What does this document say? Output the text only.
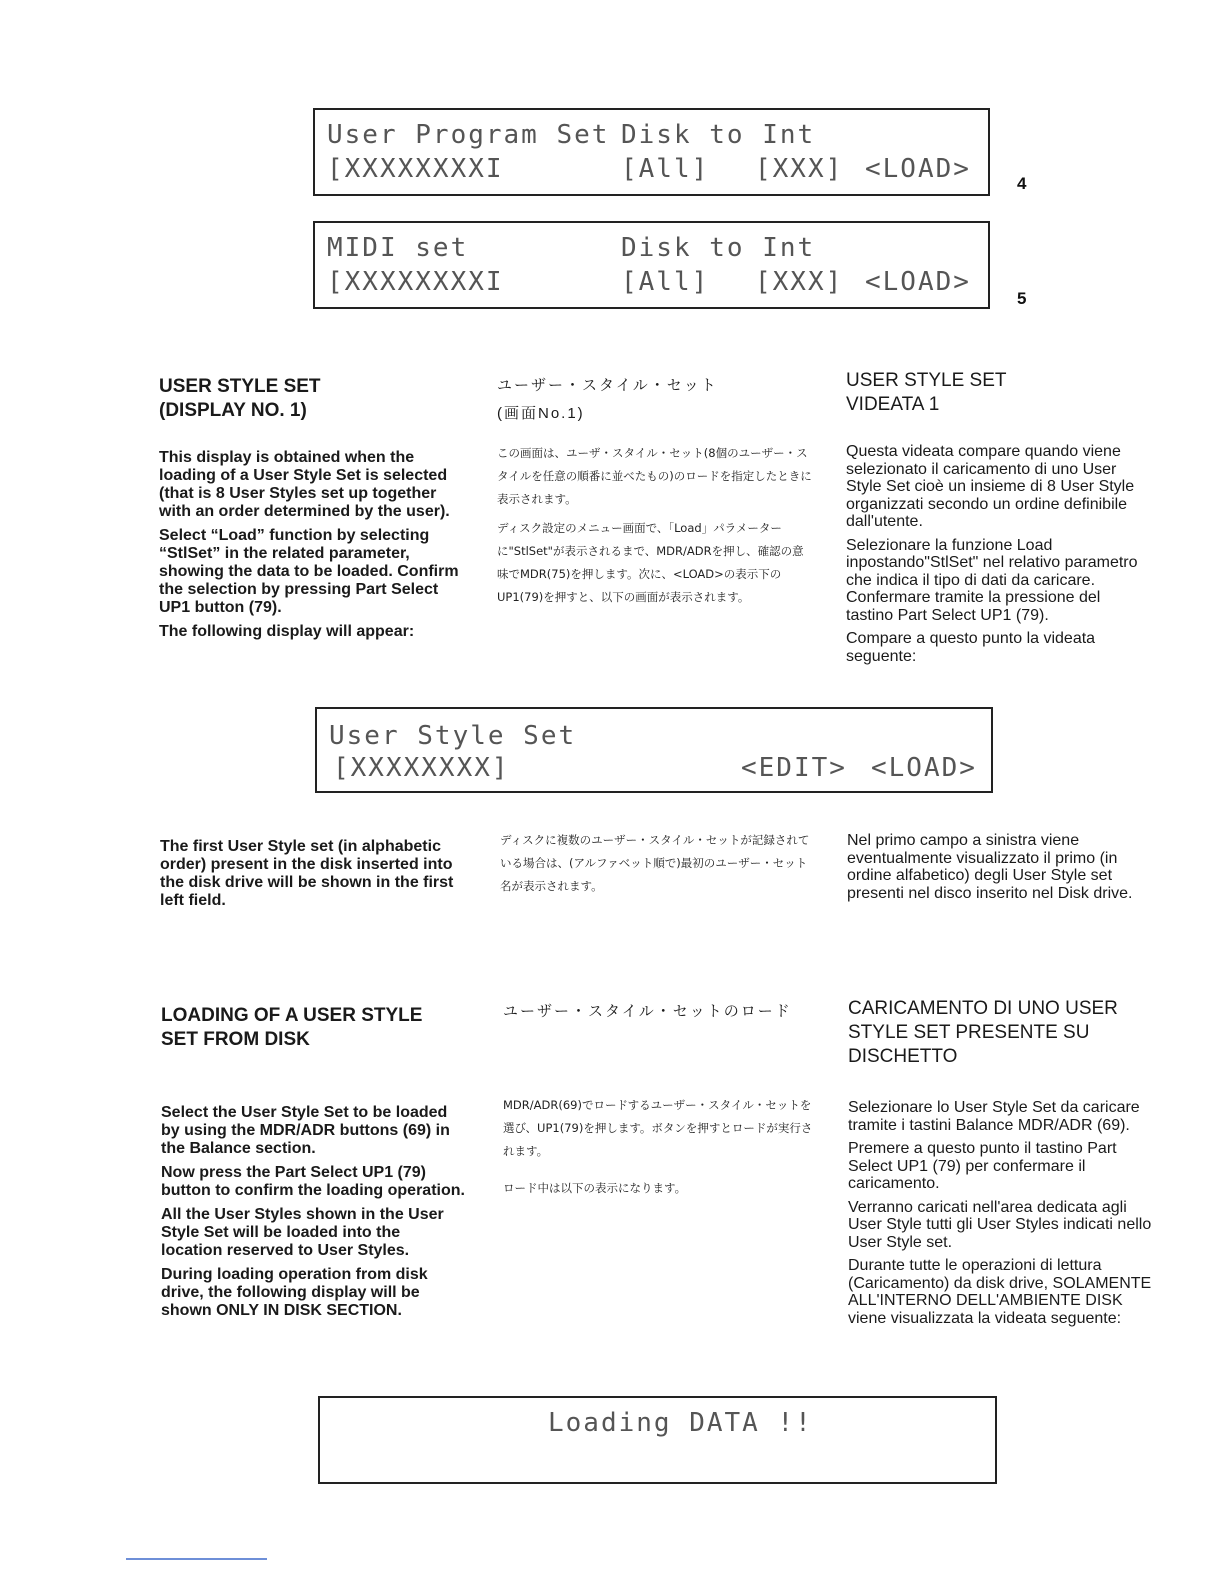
User Program Set Disk to Int
[XXXXXXXXI	[All] [XXX] <LOAD>	4
MIDI set	Disk to Int
[XXXXXXXXI	[All] [XXX] <LOAD>
5
USER STYLE SET
(DISPLAY NO. 1)

This display is obtained when the loading of a User Style Set is selected (that is 8 User Styles set up together with an order determined by the user).

Select “Load” function by selecting “StlSet” in the related parameter, showing the data to be loaded. Confirm the selection by pressing Part Select UP1 button (79).

The following display will appear:

ユーザー・スタイル・セット
(画面No.1)

この画面は、ユーザ・スタイル・セット(8個のユーザー・スタイルを任意の順番に並べたもの)のロードを指定したときに表示されます。

ディスク設定のメニュー画面で、「Load」パラメーターに"StlSet"が表示されるまで、MDR/ADRを押し、確認の意味でMDR(75)を押します。次に、<LOAD>の表示下のUP1(79)を押すと、以下の画面が表示されます。

USER STYLE SET
VIDEATA 1

Questa videata compare quando viene selezionato il caricamento di uno User Style Set cioè un insieme di 8 User Style organizzati secondo un ordine definibile dall'utente.

Selezionare la funzione Load inpostando"StlSet" nel relativo parametro che indica il tipo di dati da caricare. Confermare tramite la pressione del tastino Part Select UP1 (79).

Compare a questo punto la videata seguente:

User Style Set
[XXXXXXXX]	<EDIT> <LOAD>

The first User Style set (in alphabetic order) present in the disk inserted into the disk drive will be shown in the first left field.

ディスクに複数のユーザー・スタイル・セットが記録されている場合は、(アルファベット順で)最初のユーザー・セット名が表示されます。

Nel primo campo a sinistra viene eventualmente visualizzato il primo (in ordine alfabetico) degli User Style set presenti nel disco inserito nel Disk drive.

LOADING OF A USER STYLE
SET FROM DISK

Select the User Style Set to be loaded by using the MDR/ADR buttons (69) in the Balance section.

Now press the Part Select UP1 (79) button to confirm the loading operation.

All the User Styles shown in the User Style Set will be loaded into the location reserved to User Styles.

During loading operation from disk drive, the following display will be shown ONLY IN DISK SECTION.

ユーザー・スタイル・セットのロード

MDR/ADR(69)でロードするユーザー・スタイル・セットを選び、UP1(79)を押します。ボタンを押すとロードが実行されます。

ロード中は以下の表示になります。

CARICAMENTO DI UNO USER
STYLE SET PRESENTE SU
DISCHETTO

Selezionare lo User Style Set da caricare tramite i tastini Balance MDR/ADR (69).

Premere a questo punto il tastino Part Select UP1 (79) per confermare il caricamento.

Verranno caricati nell'area dedicata agli User Style tutti gli User Styles indicati nello User Style set.

Durante tutte le operazioni di lettura (Caricamento) da disk drive, SOLAMENTE ALL'INTERNO DELL'AMBIENTE DISK viene visualizzata la videata seguente:

Loading DATA !!
